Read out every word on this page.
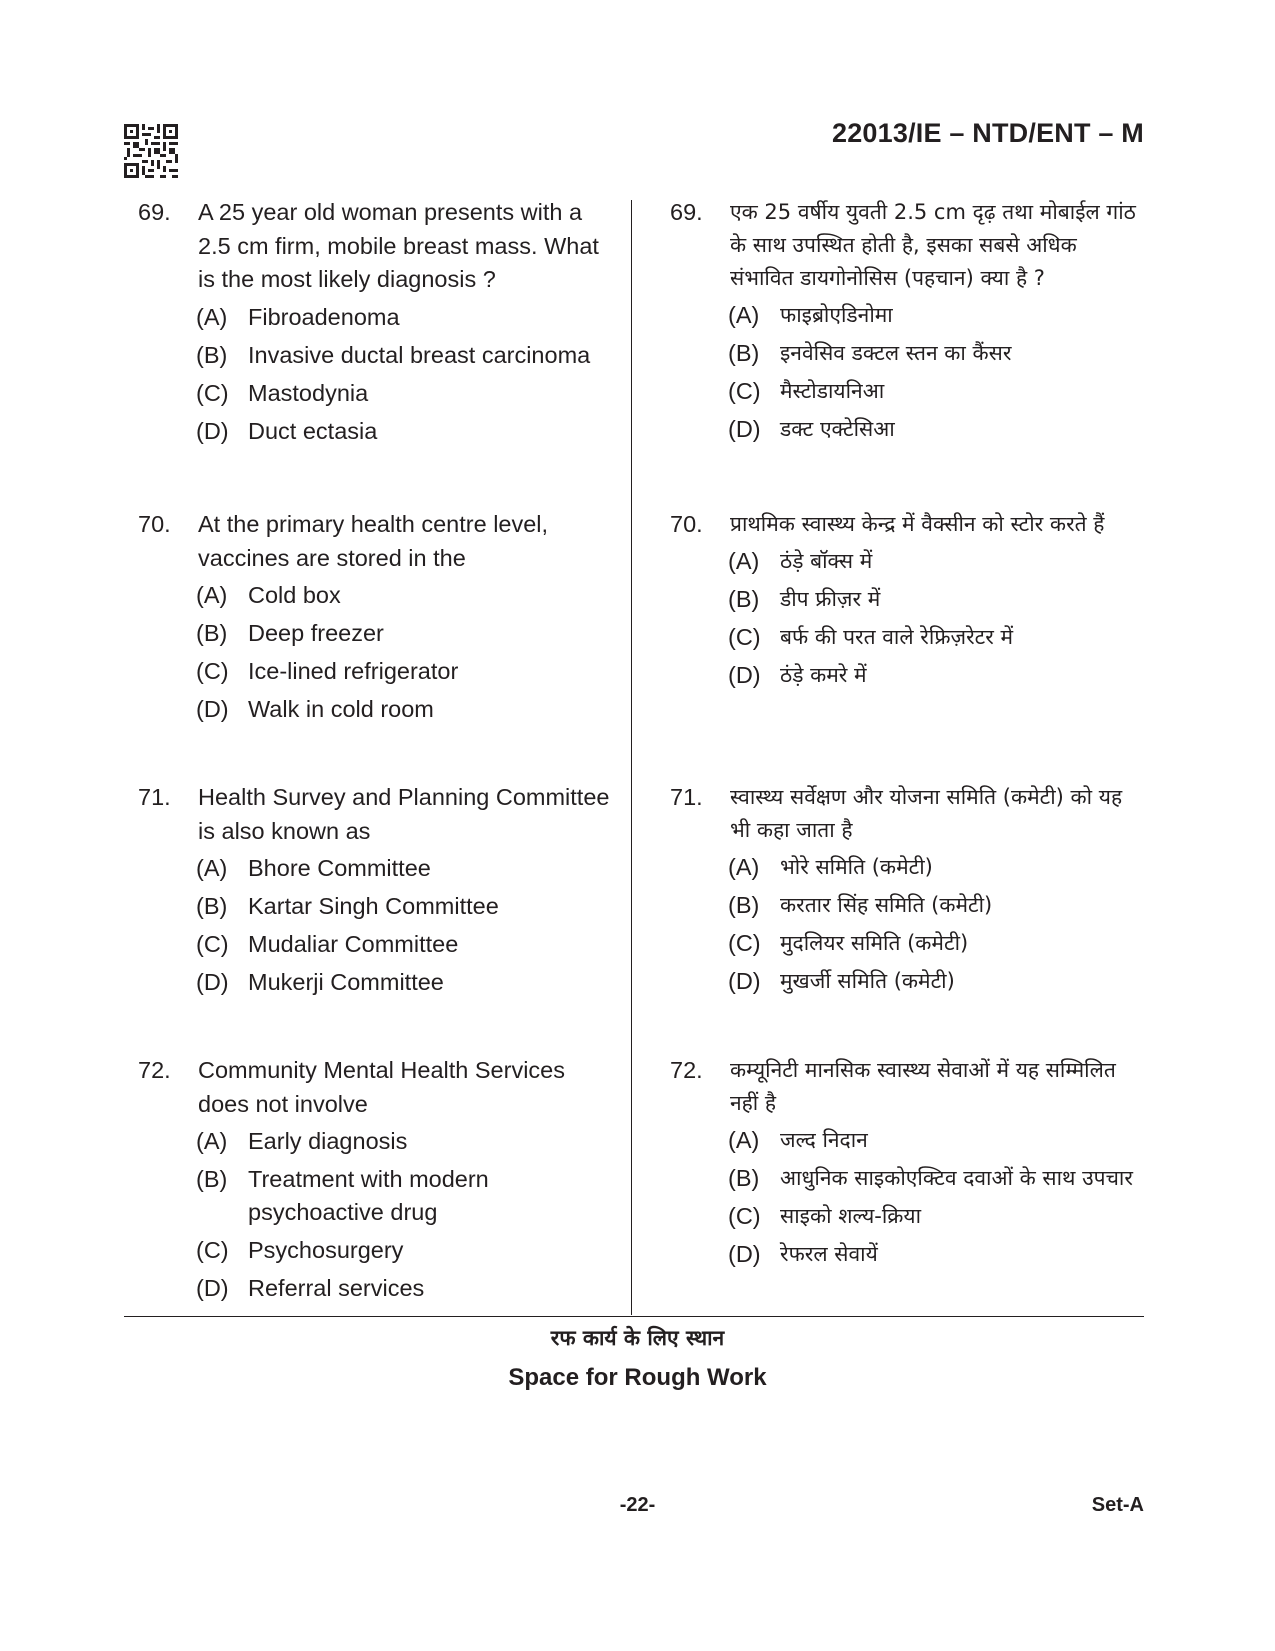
22013/IE – NTD/ENT – M
69. A 25 year old woman presents with a 2.5 cm firm, mobile breast mass. What is the most likely diagnosis ?
(A) Fibroadenoma
(B) Invasive ductal breast carcinoma
(C) Mastodynia
(D) Duct ectasia
70. At the primary health centre level, vaccines are stored in the
(A) Cold box
(B) Deep freezer
(C) Ice-lined refrigerator
(D) Walk in cold room
71. Health Survey and Planning Committee is also known as
(A) Bhore Committee
(B) Kartar Singh Committee
(C) Mudaliar Committee
(D) Mukerji Committee
72. Community Mental Health Services does not involve
(A) Early diagnosis
(B) Treatment with modern psychoactive drug
(C) Psychosurgery
(D) Referral services
69. एक 25 वर्षीय युवती 2.5 cm दृढ़ तथा मोबाईल गांठ के साथ उपस्थित होती है, इसका सबसे अधिक संभावित डायगोनोसिस (पहचान) क्या है ?
(A) फाइब्रोएडिनोमा
(B) इनवेसिव डक्टल स्तन का कैंसर
(C) मैस्टोडायनिआ
(D) डक्ट एक्टेसिआ
70. प्राथमिक स्वास्थ्य केन्द्र में वैक्सीन को स्टोर करते हैं
(A) ठंड़े बॉक्स में
(B) डीप फ्रीज़र में
(C) बर्फ की परत वाले रेफ्रिज़रेटर में
(D) ठंड़े कमरे में
71. स्वास्थ्य सर्वेक्षण और योजना समिति (कमेटी) को यह भी कहा जाता है
(A) भोरे समिति (कमेटी)
(B) करतार सिंह समिति (कमेटी)
(C) मुदलियर समिति (कमेटी)
(D) मुखर्जी समिति (कमेटी)
72. कम्यूनिटी मानसिक स्वास्थ्य सेवाओं में यह सम्मिलित नहीं है
(A) जल्द निदान
(B) आधुनिक साइकोएक्टिव दवाओं के साथ उपचार
(C) साइको शल्य-क्रिया
(D) रेफरल सेवायें
रफ कार्य के लिए स्थान
Space for Rough Work
-22-	Set-A
